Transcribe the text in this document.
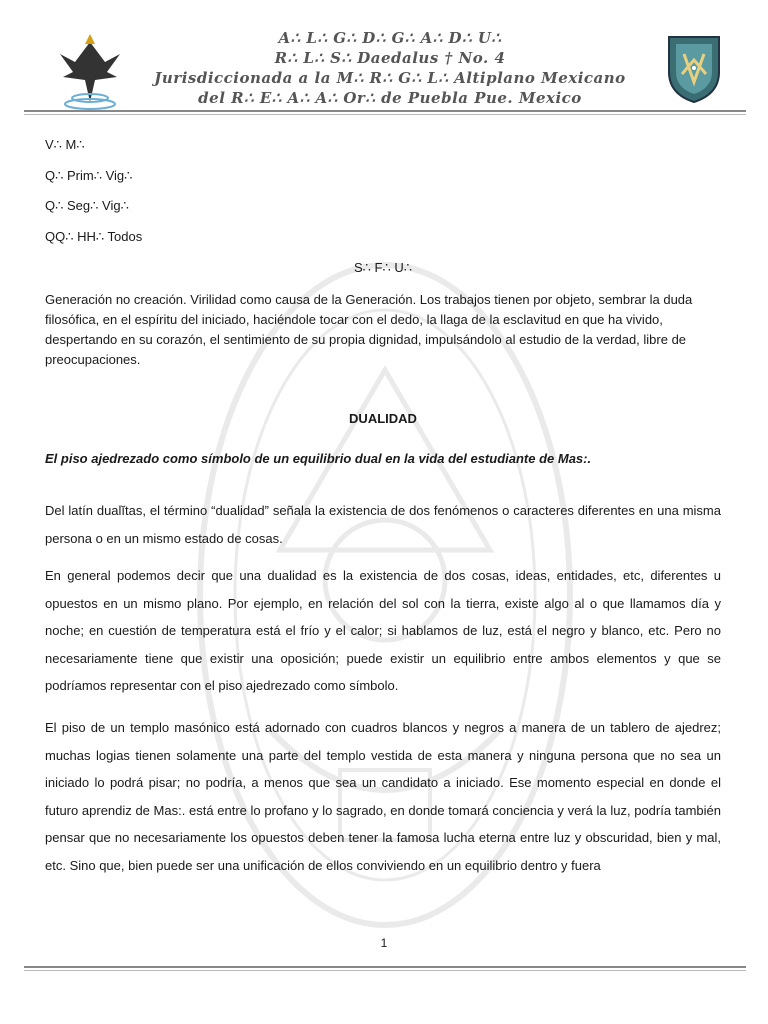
A∴ L∴ G∴ D∴ G∴ A∴ D∴ U∴
R∴ L∴ S∴ Daedalus † No. 4
Jurisdiccionada a la M∴ R∴ G∴ L∴ Altiplano Mexicano
del R∴ E∴ A∴ A∴ Or∴ de Puebla Pue. Mexico
V∴ M∴
Q∴ Prim∴ Vig∴
Q∴ Seg∴ Vig∴
QQ∴ HH∴ Todos
S∴ F∴ U∴

Generación no creación. Virilidad como causa de la Generación. Los trabajos tienen por objeto, sembrar la duda filosófica, en el espíritu del iniciado, haciéndole tocar con el dedo, la llaga de la esclavitud en que ha vivido, despertando en su corazón, el sentimiento de su propia dignidad, impulsándolo al estudio de la verdad, libre de preocupaciones.

DUALIDAD
El piso ajedrezado como símbolo de un equilibrio dual en la vida del estudiante de Mas:.

Del latín dualĭtas, el término “dualidad” señala la existencia de dos fenómenos o caracteres diferentes en una misma persona o en un mismo estado de cosas.

En general podemos decir que una dualidad es la existencia de dos cosas, ideas, entidades, etc, diferentes u opuestos en un mismo plano. Por ejemplo, en relación del sol con la tierra, existe algo al o que llamamos día y noche; en cuestión de temperatura está el frío y el calor; si hablamos de luz, está el negro y blanco, etc. Pero no necesariamente tiene que existir una oposición; puede existir un equilibrio entre ambos elementos y que se podríamos representar con el piso ajedrezado como símbolo.

El piso de un templo masónico está adornado con cuadros blancos y negros a manera de un tablero de ajedrez; muchas logias tienen solamente una parte del templo vestida de esta manera y ninguna persona que no sea un iniciado lo podrá pisar; no podría, a menos que sea un candidato a iniciado. Ese momento especial en donde el futuro aprendiz de Mas:. está entre lo profano y lo sagrado, en donde tomará conciencia y verá la luz, podría también pensar que no necesariamente los opuestos deben tener la famosa lucha eterna entre luz y obscuridad, bien y mal, etc. Sino que, bien puede ser una unificación de ellos conviviendo en un equilibrio dentro y fuera

1
